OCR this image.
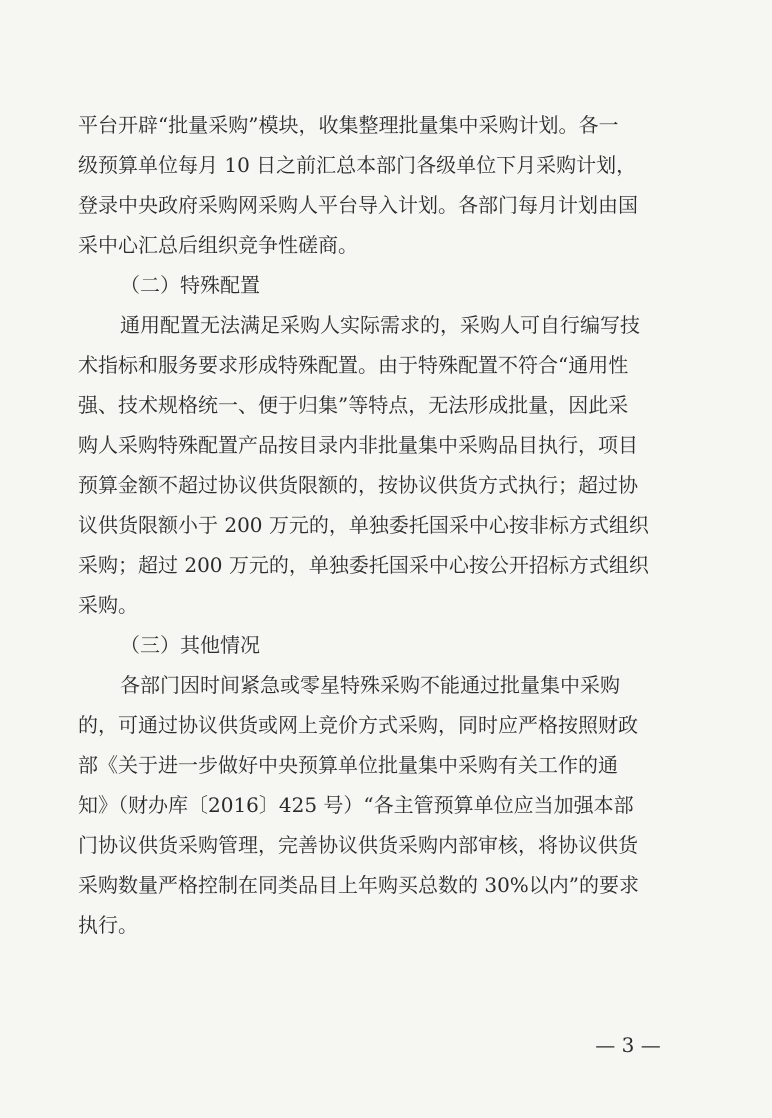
平台开辟“批量采购”模块，收集整理批量集中采购计划。各一
级预算单位每月 10 日之前汇总本部门各级单位下月采购计划，
登录中央政府采购网采购人平台导入计划。各部门每月计划由国
采中心汇总后组织竞争性磋商。
（二）特殊配置
通用配置无法满足采购人实际需求的，采购人可自行编写技
术指标和服务要求形成特殊配置。由于特殊配置不符合“通用性
强、技术规格统一、便于归集”等特点，无法形成批量，因此采
购人采购特殊配置产品按目录内非批量集中采购品目执行，项目
预算金额不超过协议供货限额的，按协议供货方式执行；超过协
议供货限额小于 200 万元的，单独委托国采中心按非标方式组织
采购；超过 200 万元的，单独委托国采中心按公开招标方式组织
采购。
（三）其他情况
各部门因时间紧急或零星特殊采购不能通过批量集中采购
的，可通过协议供货或网上竞价方式采购，同时应严格按照财政
部《关于进一步做好中央预算单位批量集中采购有关工作的通
知》（财办库〔2016〕425 号）“各主管预算单位应当加强本部
门协议供货采购管理，完善协议供货采购内部审核，将协议供货
采购数量严格控制在同类品目上年购买总数的 30%以内”的要求
执行。
— 3 —
